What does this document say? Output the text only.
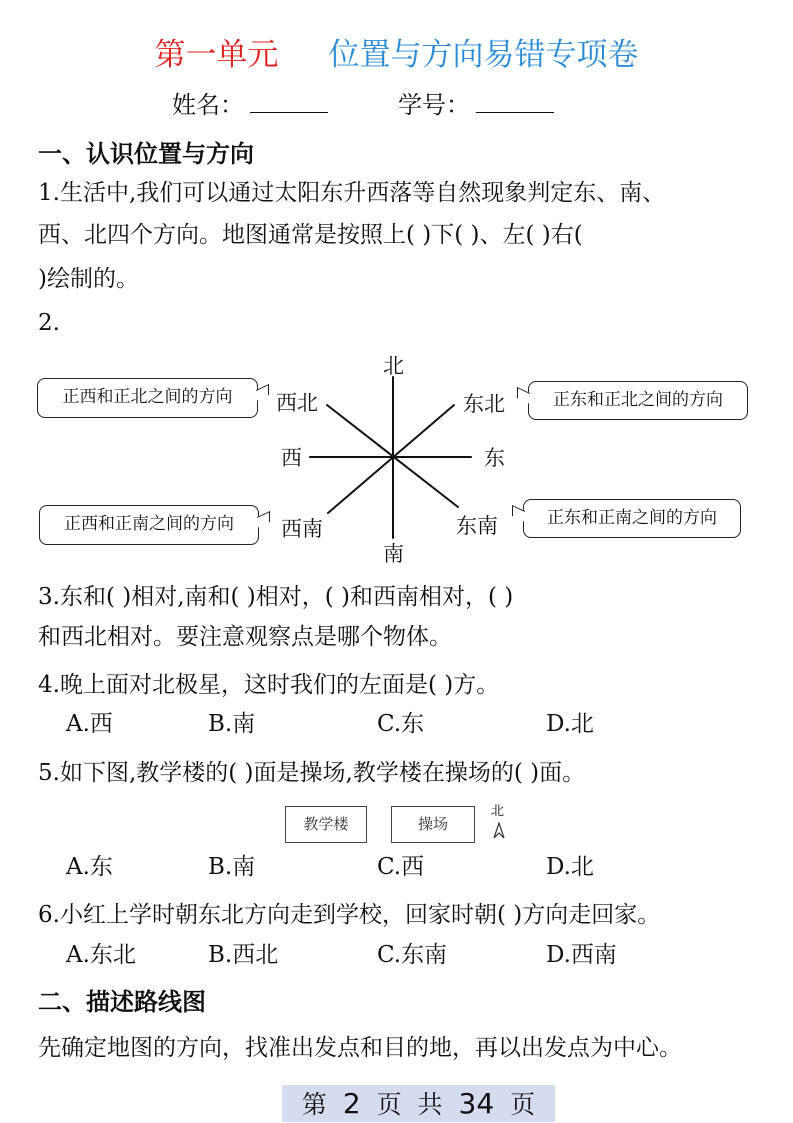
第一单元 位置与方向易错专项卷
姓名：	学号：
一、认识位置与方向
1.生活中,我们可以通过太阳东升西落等自然现象判定东、南、
西、北四个方向。地图通常是按照上( )下( )、左( )右(
)绘制的。
2.
北
南
东
西
西北	东北
西南	东南
正西和正北之间的方向	正东和正北之间的方向
正西和正南之间的方向	正东和正南之间的方向
3.东和( )相对,南和( )相对，( )和西南相对，( )
和西北相对。要注意观察点是哪个物体。
4.晚上面对北极星，这时我们的左面是( )方。
A.西	B.南	C.东	D.北
5.如下图,教学楼的( )面是操场,教学楼在操场的( )面。
教学楼	操场
北
A.东	B.南	C.西	D.北
6.小红上学时朝东北方向走到学校，回家时朝( )方向走回家。
A.东北	B.西北	C.东南	D.西南
二、描述路线图
先确定地图的方向，找准出发点和目的地，再以出发点为中心。
第 2 页 共 34 页
